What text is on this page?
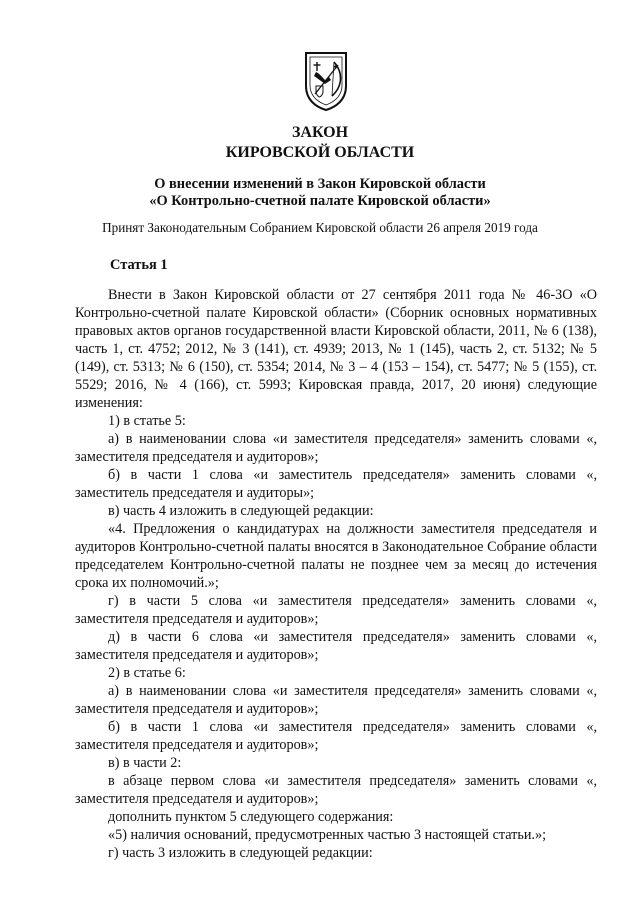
ЗАКОН
КИРОВСКОЙ ОБЛАСТИ
О внесении изменений в Закон Кировской области
«О Контрольно-счетной палате Кировской области»
Принят Законодательным Собранием Кировской области 26 апреля 2019 года
Статья 1

Внести в Закон Кировской области от 27 сентября 2011 года № 46-ЗО «О Контрольно-счетной палате Кировской области» (Сборник основных нормативных правовых актов органов государственной власти Кировской области, 2011, № 6 (138), часть 1, ст. 4752; 2012, № 3 (141), ст. 4939; 2013, № 1 (145), часть 2, ст. 5132; № 5 (149), ст. 5313; № 6 (150), ст. 5354; 2014, № 3 – 4 (153 – 154), ст. 5477; № 5 (155), ст. 5529; 2016, № 4 (166), ст. 5993; Кировская правда, 2017, 20 июня) следующие изменения:

1) в статье 5:

а) в наименовании слова «и заместителя председателя» заменить словами «, заместителя председателя и аудиторов»;

б) в части 1 слова «и заместитель председателя» заменить словами «, заместитель председателя и аудиторы»;

в) часть 4 изложить в следующей редакции:

«4. Предложения о кандидатурах на должности заместителя председателя и аудиторов Контрольно-счетной палаты вносятся в Законодательное Собрание области председателем Контрольно-счетной палаты не позднее чем за месяц до истечения срока их полномочий.»;

г) в части 5 слова «и заместителя председателя» заменить словами «, заместителя председателя и аудиторов»;

д) в части 6 слова «и заместителя председателя» заменить словами «, заместителя председателя и аудиторов»;

2) в статье 6:

а) в наименовании слова «и заместителя председателя» заменить словами «, заместителя председателя и аудиторов»;

б) в части 1 слова «и заместителя председателя» заменить словами «, заместителя председателя и аудиторов»;

в) в части 2:

в абзаце первом слова «и заместителя председателя» заменить словами «, заместителя председателя и аудиторов»;

дополнить пунктом 5 следующего содержания:

«5) наличия оснований, предусмотренных частью 3 настоящей статьи.»;

г) часть 3 изложить в следующей редакции:
